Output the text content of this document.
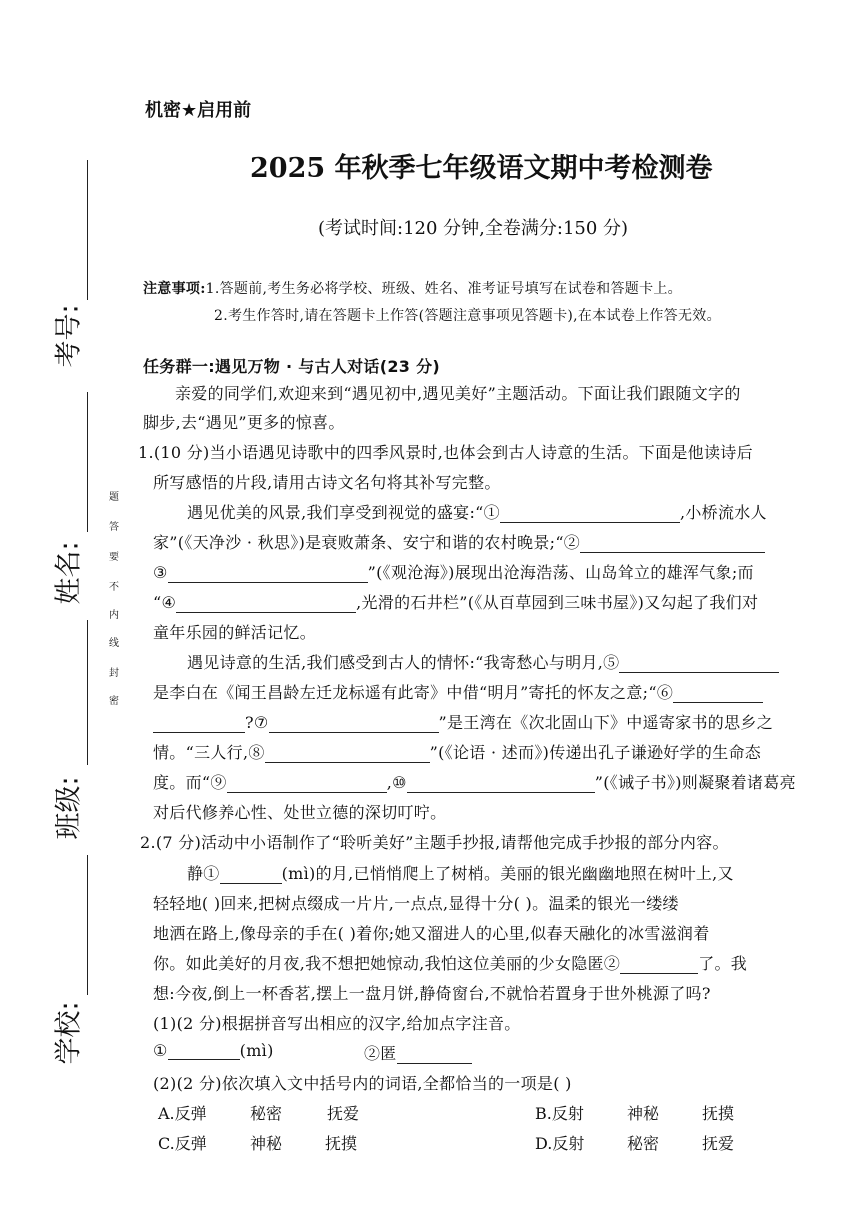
考号:
姓名:
班级:
学校:
题
答
要
不
内
线
封
密
机密★启用前
2025 年秋季七年级语文期中考检测卷
(考试时间:120 分钟,全卷满分:150 分)
注意事项:1.答题前,考生务必将学校、班级、姓名、准考证号填写在试卷和答题卡上。
2.考生作答时,请在答题卡上作答(答题注意事项见答题卡),在本试卷上作答无效。
任务群一:遇见万物 · 与古人对话(23 分)
亲爱的同学们,欢迎来到“遇见初中,遇见美好”主题活动。下面让我们跟随文字的
脚步,去“遇见”更多的惊喜。
1.(10 分)当小语遇见诗歌中的四季风景时,也体会到古人诗意的生活。下面是他读诗后
所写感悟的片段,请用古诗文名句将其补写完整。
遇见优美的风景,我们享受到视觉的盛宴:“①	,小桥流水人
家”(《天净沙 · 秋思》)是衰败萧条、安宁和谐的农村晚景;“②
③	”(《观沧海》)展现出沧海浩荡、山岛耸立的雄浑气象;而
“④	,光滑的石井栏”(《从百草园到三味书屋》)又勾起了我们对
童年乐园的鲜活记忆。
遇见诗意的生活,我们感受到古人的情怀:“我寄愁心与明月,⑤
是李白在《闻王昌龄左迁龙标遥有此寄》中借“明月”寄托的怀友之意;“⑥
?⑦	”是王湾在《次北固山下》中遥寄家书的思乡之
情。“三人行,⑧	”(《论语 · 述而》)传递出孔子谦逊好学的生命态
度。而“⑨	,⑩	”(《诫子书》)则凝聚着诸葛亮
对后代修养心性、处世立德的深切叮咛。
2.(7 分)活动中小语制作了“聆听美好”主题手抄报,请帮他完成手抄报的部分内容。
静①	(mì)的月,已悄悄爬上了树梢。美丽的银光幽幽地照在树叶上,又
轻轻地( )回来,把树点缀成一片片,一点点,显得十分( )。温柔的银光一缕缕
地洒在路上,像母亲的手在( )着你;她又溜进人的心里,似春天融化的冰雪滋润着
你。如此美好的月夜,我不想把她惊动,我怕这位美丽的少女隐匿②	了。我
想:今夜,倒上一杯香茗,摆上一盘月饼,静倚窗台,不就恰若置身于世外桃源了吗?
(1)(2 分)根据拼音写出相应的汉字,给加点字注音。
①	(mì)	②匿
(2)(2 分)依次填入文中括号内的词语,全都恰当的一项是( )
A.反弹	秘密	抚爱	B.反射	神秘	抚摸
C.反弹	神秘	抚摸	D.反射	秘密	抚爱
